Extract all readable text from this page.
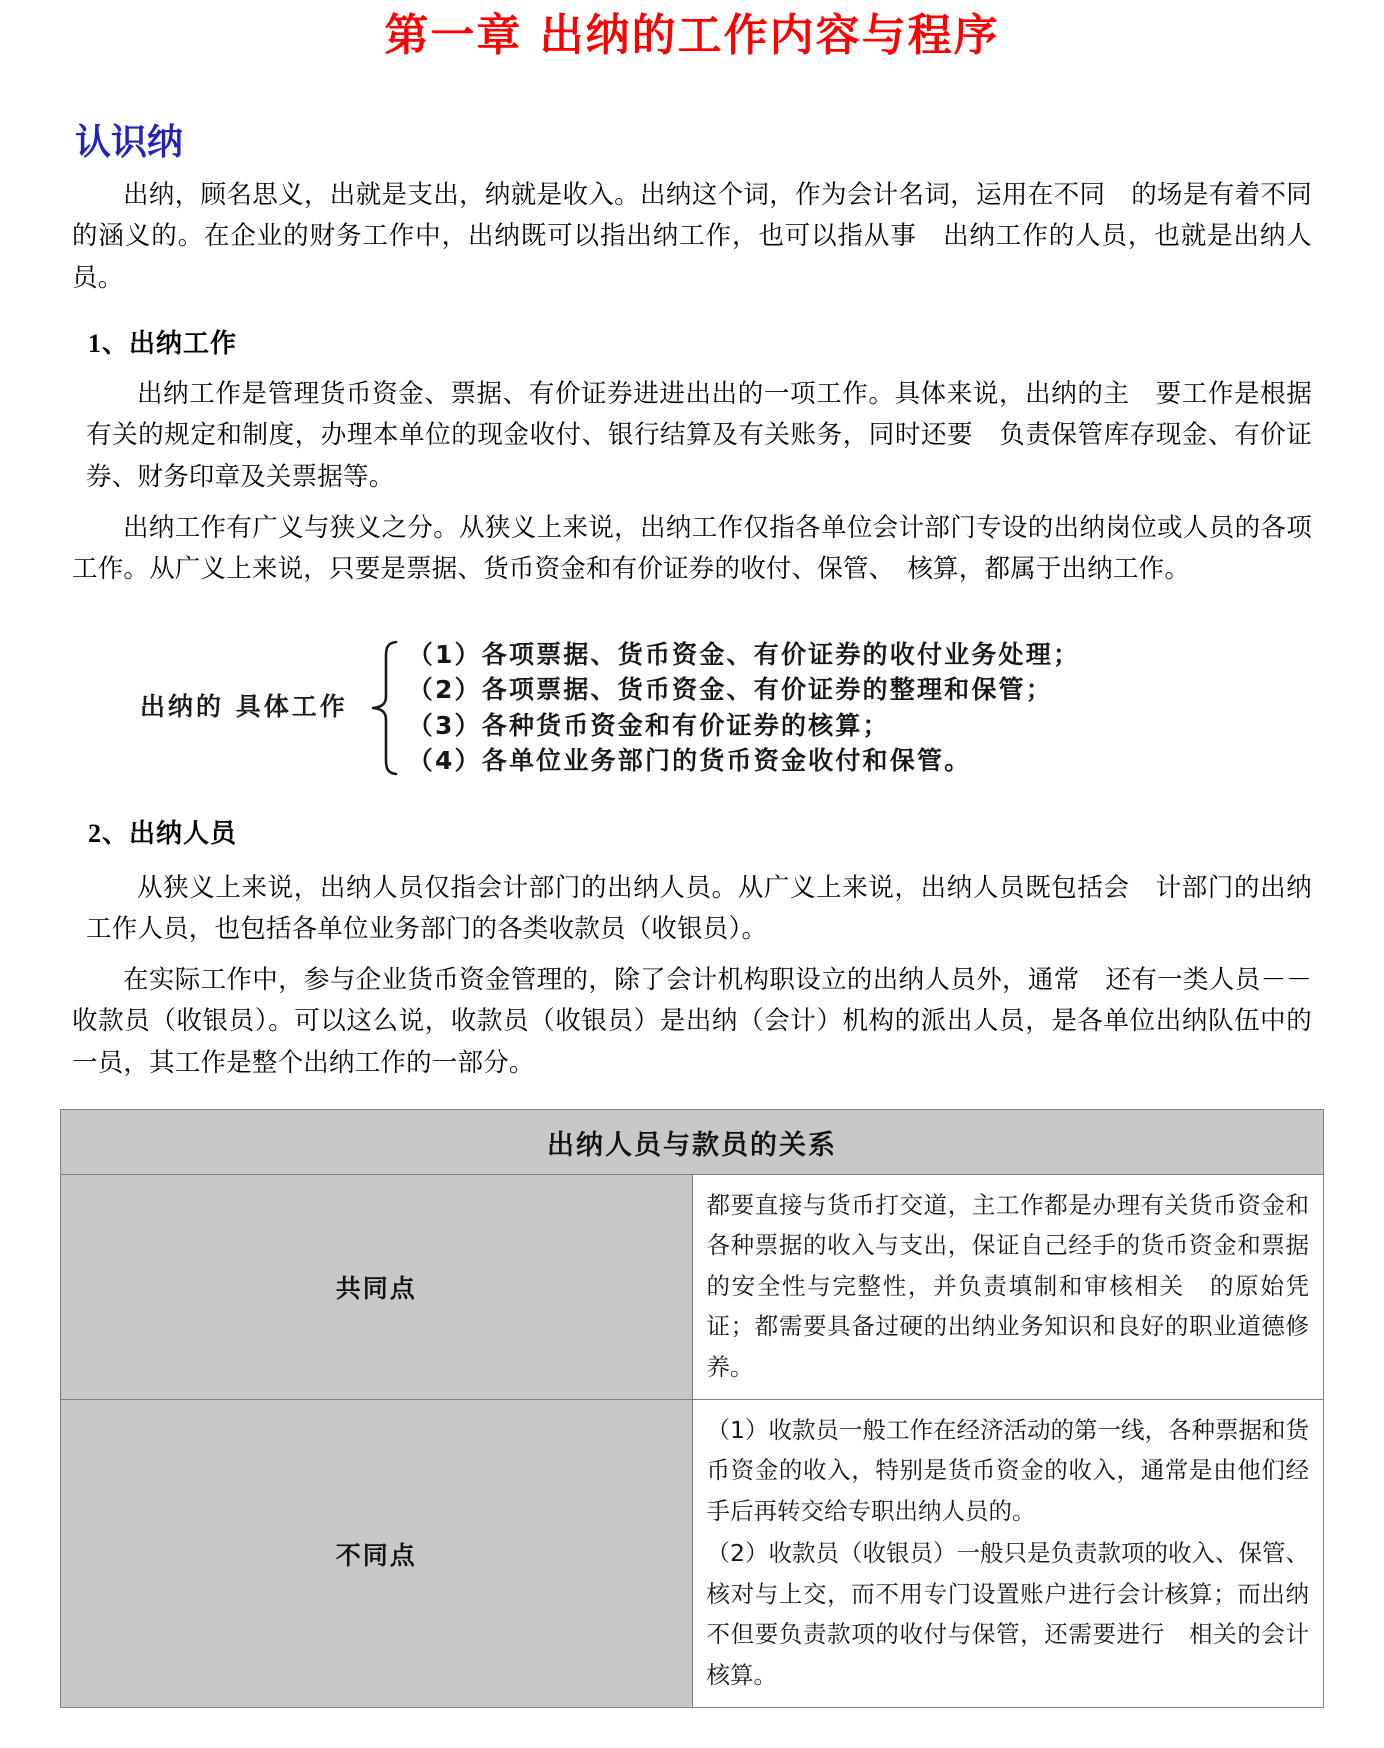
第一章 出纳的工作内容与程序
认识纳

出纳，顾名思义，出就是支出，纳就是收入。出纳这个词，作为会计名词，运用在不同　的场是有着不同的涵义的。在企业的财务工作中，出纳既可以指出纳工作，也可以指从事　出纳工作的人员，也就是出纳人员。

1、出纳工作

出纳工作是管理货币资金、票据、有价证券进进出出的一项工作。具体来说，出纳的主　要工作是根据有关的规定和制度，办理本单位的现金收付、银行结算及有关账务，同时还要　负责保管库存现金、有价证券、财务印章及关票据等。

出纳工作有广义与狭义之分。从狭义上来说，出纳工作仅指各单位会计部门专设的出纳岗位或人员的各项工作。从广义上来说，只要是票据、货币资金和有价证券的收付、保管、　核算，都属于出纳工作。

出纳的 具体工作
（1）各项票据、货币资金、有价证券的收付业务处理；
（2）各项票据、货币资金、有价证券的整理和保管；
（3）各种货币资金和有价证券的核算；
（4）各单位业务部门的货币资金收付和保管。
2、出纳人员

从狭义上来说，出纳人员仅指会计部门的出纳人员。从广义上来说，出纳人员既包括会　计部门的出纳工作人员，也包括各单位业务部门的各类收款员（收银员）。

在实际工作中，参与企业货币资金管理的，除了会计机构职设立的出纳人员外，通常　还有一类人员－－收款员（收银员）。可以这么说，收款员（收银员）是出纳（会计）机构的派出人员，是各单位出纳队伍中的一员，其工作是整个出纳工作的一部分。

出纳人员与款员的关系	
共同点	都要直接与货币打交道，主工作都是办理有关货币资金和各种票据的收入与支出，保证自己经手的货币资金和票据的安全性与完整性，并负责填制和审核相关　的原始凭证；都需要具备过硬的出纳业务知识和良好的职业道德修养。

不同点	（1）收款员一般工作在经济活动的第一线，各种票据和货币资金的收入，特别是货币资金的收入，通常是由他们经手后再转交给专职出纳人员的。

（2）收款员（收银员）一般只是负责款项的收入、保管、核对与上交，而不用专门设置账户进行会计核算；而出纳不但要负责款项的收付与保管，还需要进行　相关的会计核算。
